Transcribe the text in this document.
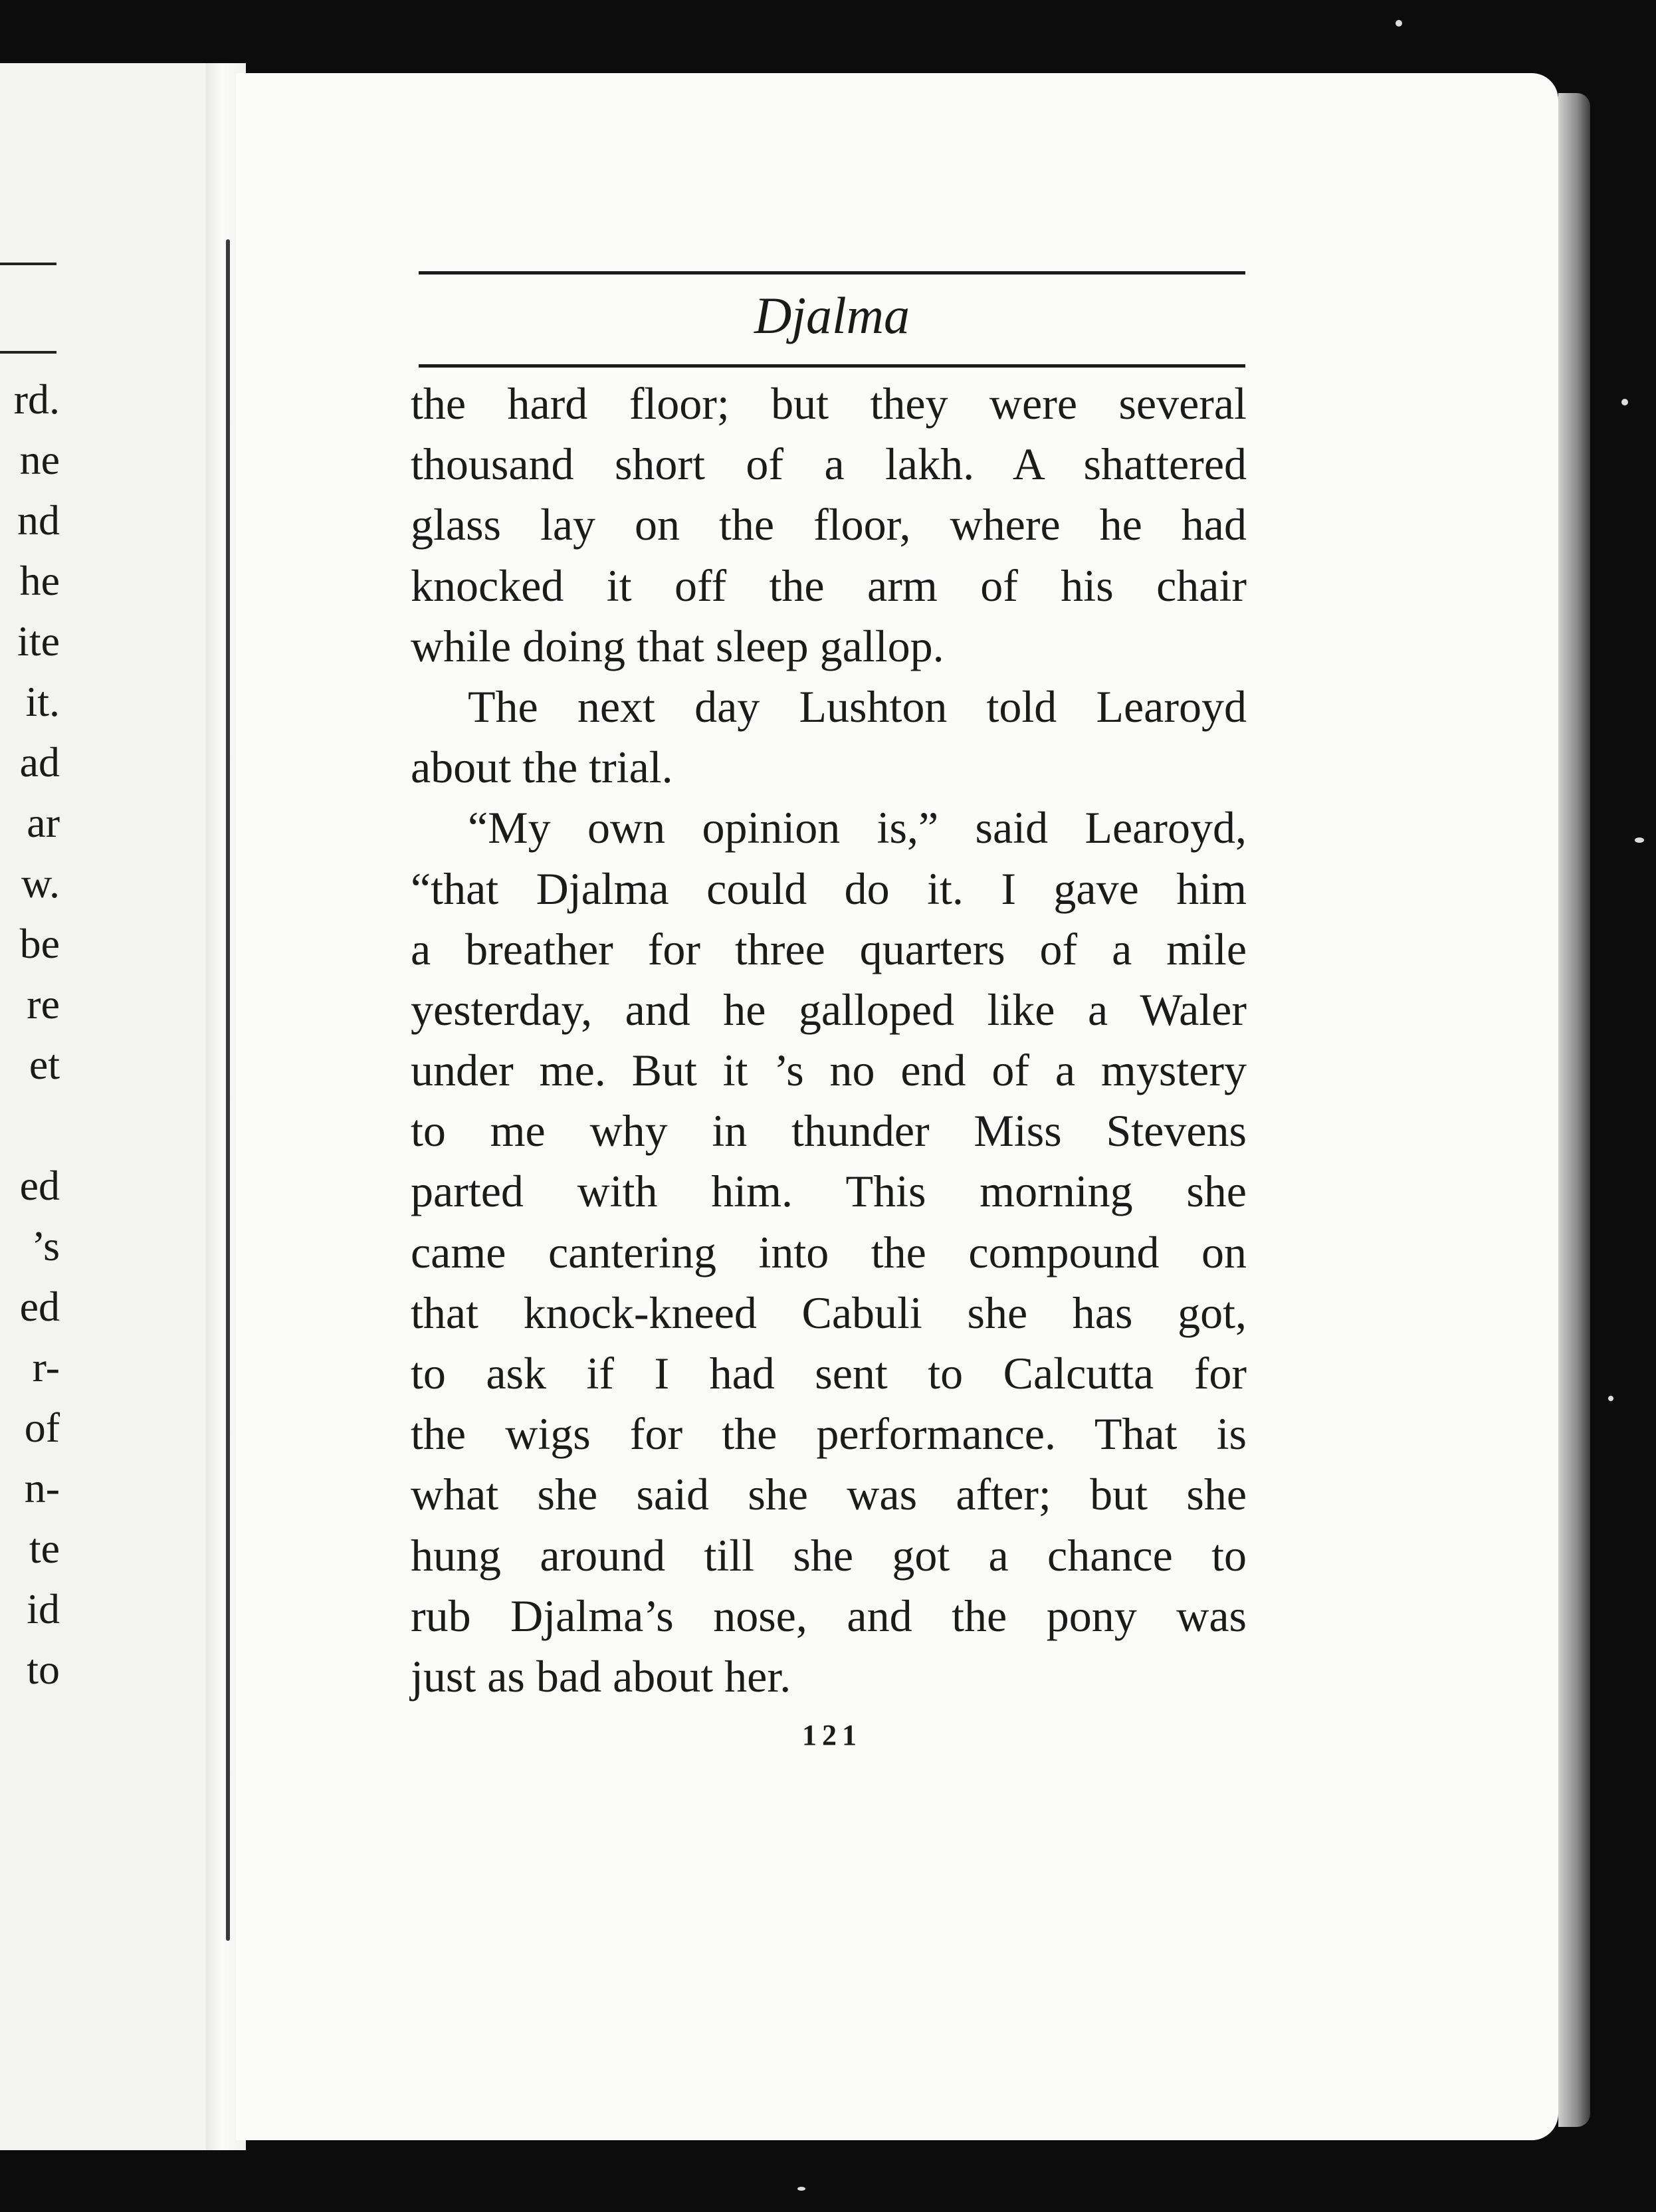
rd.
ne
nd
he
ite
it.
ad
ar
w.
be
re
et
ed
’s
ed
r-
of
n-
te
id
to
Djalma
the hard floor; but they were several
thousand short of a lakh. A shattered
glass lay on the floor, where he had
knocked it off the arm of his chair
while doing that sleep gallop.
The next day Lushton told Learoyd
about the trial.
“My own opinion is,” said Learoyd,
“that Djalma could do it. I gave him
a breather for three quarters of a mile
yesterday, and he galloped like a Waler
under me. But it ’s no end of a mystery
to me why in thunder Miss Stevens
parted with him. This morning she
came cantering into the compound on
that knock-kneed Cabuli she has got,
to ask if I had sent to Calcutta for
the wigs for the performance. That is
what she said she was after; but she
hung around till she got a chance to
rub Djalma’s nose, and the pony was
just as bad about her.
121
